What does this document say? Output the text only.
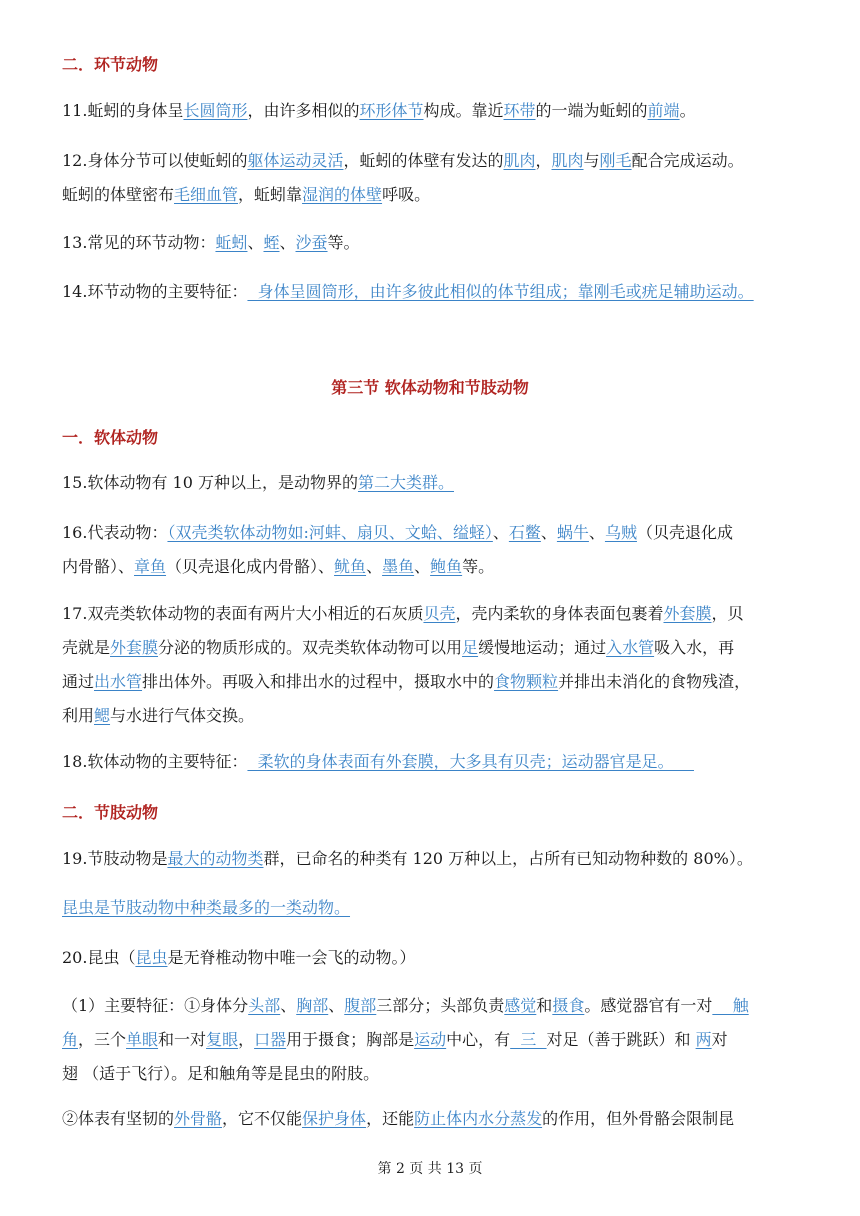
二．环节动物
11.蚯蚓的身体呈长圆筒形，由许多相似的环形体节构成。靠近环带的一端为蚯蚓的前端。
12.身体分节可以使蚯蚓的躯体运动灵活，蚯蚓的体壁有发达的肌肉，肌肉与刚毛配合完成运动。
蚯蚓的体壁密布毛细血管，蚯蚓靠湿润的体壁呼吸。
13.常见的环节动物：蚯蚓、蛭、沙蚕等。
14.环节动物的主要特征：  身体呈圆筒形，由许多彼此相似的体节组成；靠刚毛或疣足辅助运动。
第三节 软体动物和节肢动物
一．软体动物
15.软体动物有 10 万种以上，是动物界的第二大类群。
16.代表动物：（双壳类软体动物如:河蚌、扇贝、文蛤、缢蛏）、石鳖、蜗牛、乌贼（贝壳退化成
内骨骼）、章鱼（贝壳退化成内骨骼）、鱿鱼、墨鱼、鲍鱼等。
17.双壳类软体动物的表面有两片大小相近的石灰质贝壳，壳内柔软的身体表面包裹着外套膜，贝
壳就是外套膜分泌的物质形成的。双壳类软体动物可以用足缓慢地运动；通过入水管吸入水，再
通过出水管排出体外。再吸入和排出水的过程中，摄取水中的食物颗粒并排出未消化的食物残渣，
利用鳃与水进行气体交换。
18.软体动物的主要特征：  柔软的身体表面有外套膜，大多具有贝壳；运动器官是足。
二．节肢动物
19.节肢动物是最大的动物类群，已命名的种类有 120 万种以上，占所有已知动物种数的 80%）。
昆虫是节肢动物中种类最多的一类动物。
20.昆虫（昆虫是无脊椎动物中唯一会飞的动物。）
（1）主要特征：①身体分头部、胸部、腹部三部分；头部负责感觉和摄食。感觉器官有一对    触
角，三个单眼和一对复眼，口器用于摄食；胸部是运动中心，有  三  对足（善于跳跃）和 两对
翅 （适于飞行）。足和触角等是昆虫的附肢。
②体表有坚韧的外骨骼，它不仅能保护身体，还能防止体内水分蒸发的作用，但外骨骼会限制昆
第 2 页 共 13 页
